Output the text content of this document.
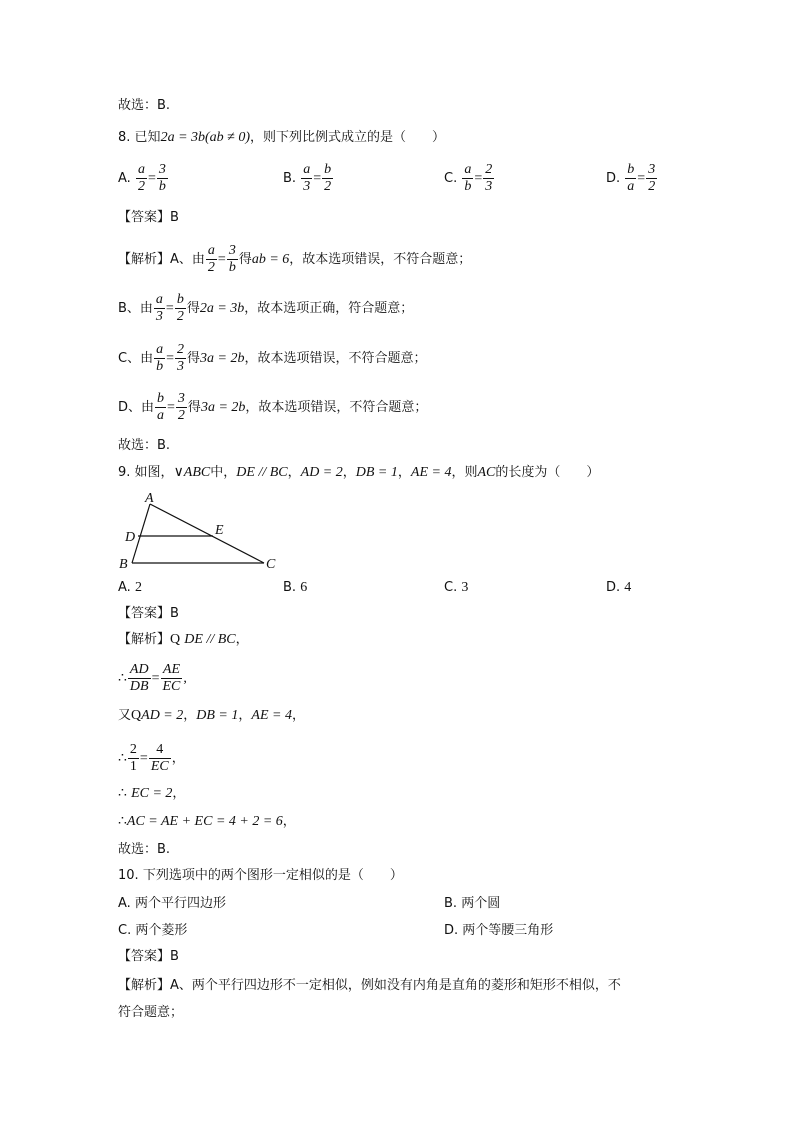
故选：B.
8. 已知2a = 3b(ab ≠ 0)，则下列比例式成立的是（　　）
A. $\frac{a}{2} = \frac{3}{b}$	B. $\frac{a}{3} = \frac{b}{2}$	C. $\frac{a}{b} = \frac{2}{3}$	D. $\frac{b}{a} = \frac{3}{2}$
【答案】B
【解析】A、由 $\frac{a}{2} = \frac{3}{b}$ 得ab = 6，故本选项错误，不符合题意；
B、由 $\frac{a}{3} = \frac{b}{2}$ 得2a = 3b，故本选项正确，符合题意；
C、由 $\frac{a}{b} = \frac{2}{3}$ 得3a = 2b，故本选项错误，不符合题意；
D、由 $\frac{b}{a} = \frac{3}{2}$ 得3a = 2b，故本选项错误，不符合题意；
故选：B.
9. 如图，∨ABC中，DE // BC，AD = 2，DB = 1，AE = 4，则AC的长度为（　　）
A
D	E
B	C
A. 2	B. 6	C. 3	D. 4
【答案】B
【解析】Q DE // BC，
∴ $\frac{AD}{DB} = \frac{AE}{EC}$ ,
又QAD = 2，DB = 1，AE = 4，
∴ $\frac{2}{1} = \frac{4}{EC}$ ，
∴ EC = 2，
∴AC = AE + EC = 4 + 2 = 6，
故选：B.
10. 下列选项中的两个图形一定相似的是（　　）
A. 两个平行四边形	B. 两个圆
C. 两个菱形	D. 两个等腰三角形
【答案】B
【解析】A、两个平行四边形不一定相似，例如没有内角是直角的菱形和矩形不相似，不
符合题意；
